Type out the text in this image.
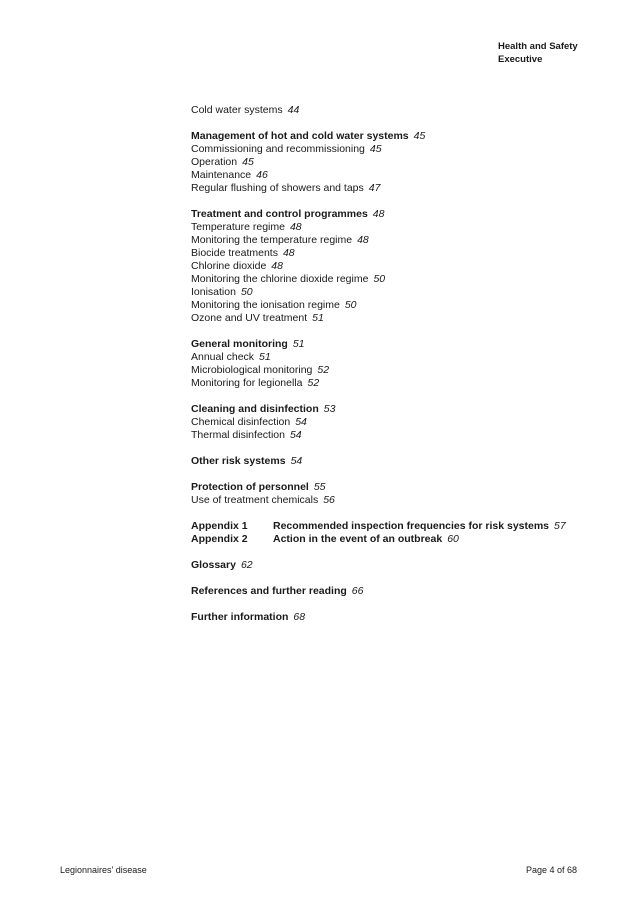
Health and Safety
Executive
Cold water systems 44
Management of hot and cold water systems 45
Commissioning and recommissioning 45
Operation 45
Maintenance 46
Regular flushing of showers and taps 47
Treatment and control programmes 48
Temperature regime 48
Monitoring the temperature regime 48
Biocide treatments 48
Chlorine dioxide 48
Monitoring the chlorine dioxide regime 50
Ionisation 50
Monitoring the ionisation regime 50
Ozone and UV treatment 51
General monitoring 51
Annual check 51
Microbiological monitoring 52
Monitoring for legionella 52
Cleaning and disinfection 53
Chemical disinfection 54
Thermal disinfection 54
Other risk systems 54
Protection of personnel 55
Use of treatment chemicals 56
Appendix 1 Recommended inspection frequencies for risk systems 57
Appendix 2 Action in the event of an outbreak 60
Glossary 62
References and further reading 66
Further information 68
Legionnaires' disease	Page 4 of 68
